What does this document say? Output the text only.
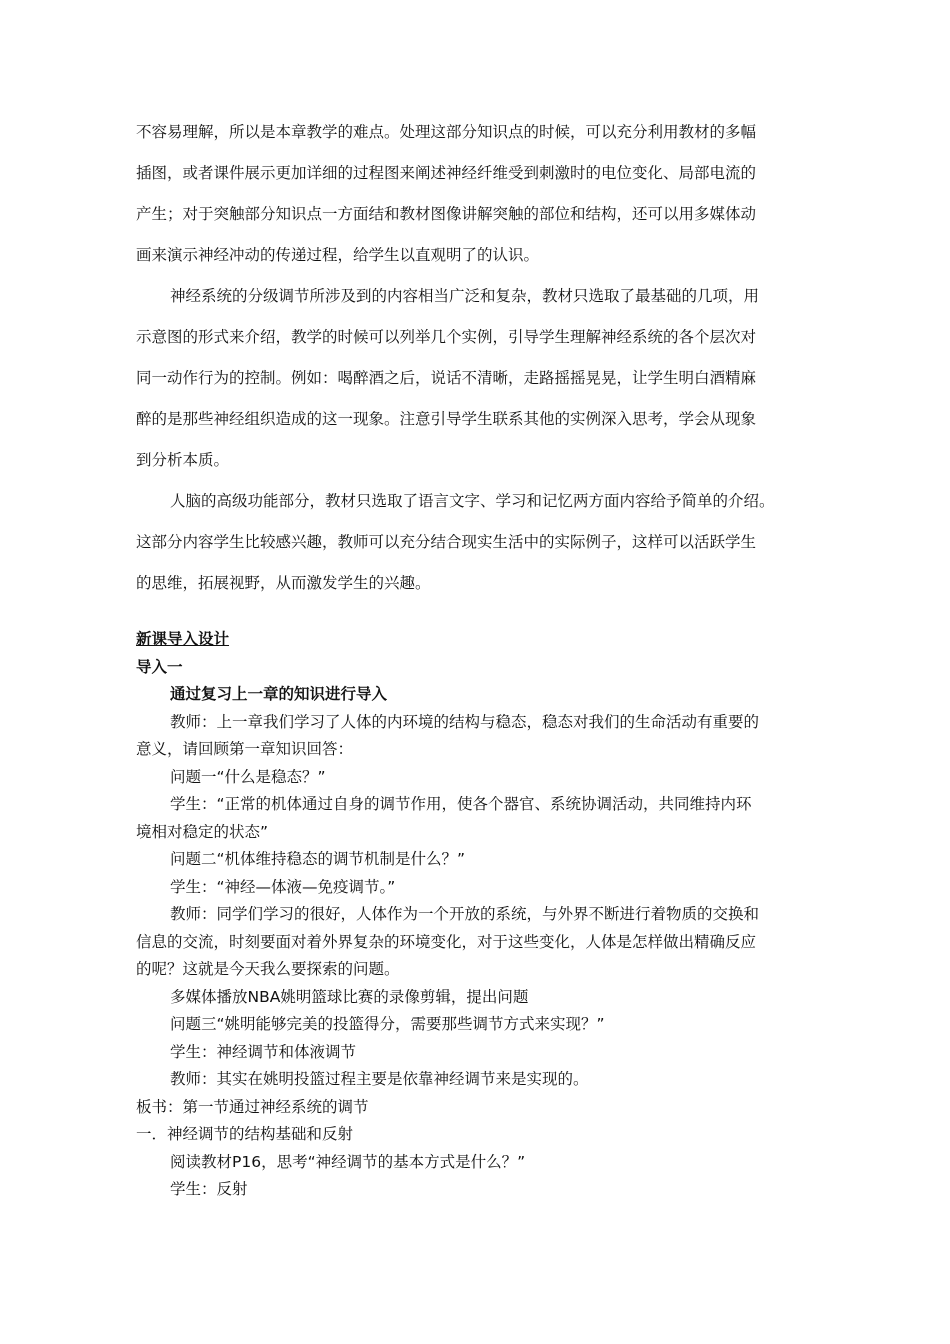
不容易理解，所以是本章教学的难点。处理这部分知识点的时候，可以充分利用教材的多幅
插图，或者课件展示更加详细的过程图来阐述神经纤维受到刺激时的电位变化、局部电流的
产生；对于突触部分知识点一方面结和教材图像讲解突触的部位和结构，还可以用多媒体动
画来演示神经冲动的传递过程，给学生以直观明了的认识。
神经系统的分级调节所涉及到的内容相当广泛和复杂，教材只选取了最基础的几项，用
示意图的形式来介绍，教学的时候可以列举几个实例，引导学生理解神经系统的各个层次对
同一动作行为的控制。例如：喝醉酒之后，说话不清晰，走路摇摇晃晃，让学生明白酒精麻
醉的是那些神经组织造成的这一现象。注意引导学生联系其他的实例深入思考，学会从现象
到分析本质。
人脑的高级功能部分，教材只选取了语言文字、学习和记忆两方面内容给予简单的介绍。
这部分内容学生比较感兴趣，教师可以充分结合现实生活中的实际例子，这样可以活跃学生
的思维，拓展视野，从而激发学生的兴趣。
新课导入设计
导入一
通过复习上一章的知识进行导入
教师：上一章我们学习了人体的内环境的结构与稳态，稳态对我们的生命活动有重要的
意义，请回顾第一章知识回答：
问题一“什么是稳态？”
学生：“正常的机体通过自身的调节作用，使各个器官、系统协调活动，共同维持内环
境相对稳定的状态”
问题二“机体维持稳态的调节机制是什么？”
学生：“神经—体液—免疫调节。”
教师：同学们学习的很好，人体作为一个开放的系统，与外界不断进行着物质的交换和
信息的交流，时刻要面对着外界复杂的环境变化，对于这些变化，人体是怎样做出精确反应
的呢？这就是今天我么要探索的问题。
多媒体播放NBA姚明篮球比赛的录像剪辑，提出问题
问题三“姚明能够完美的投篮得分，需要那些调节方式来实现？”
学生：神经调节和体液调节
教师：其实在姚明投篮过程主要是依靠神经调节来是实现的。
板书：第一节通过神经系统的调节
一．神经调节的结构基础和反射
阅读教材P16，思考“神经调节的基本方式是什么？”
学生：反射
